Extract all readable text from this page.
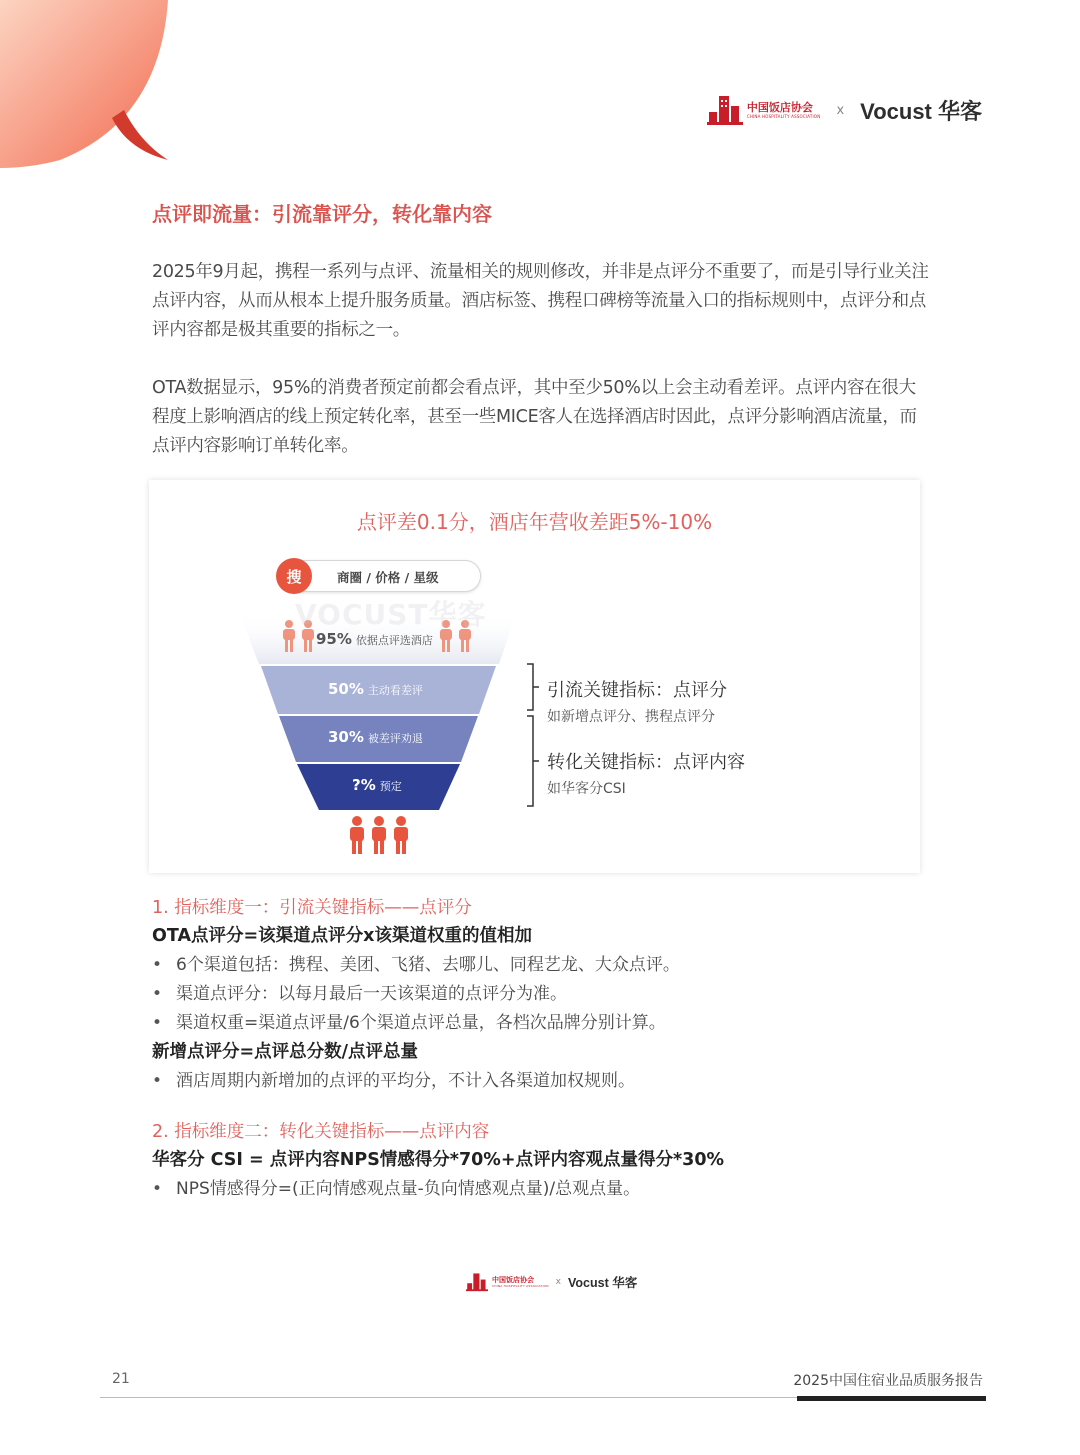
中国饭店协会
CHINA HOSPITALITY ASSOCIATION x Vocust 华客
点评即流量：引流靠评分，转化靠内容

2025年9月起，携程一系列与点评、流量相关的规则修改，并非是点评分不重要了，而是引导行业关注点评内容，从而从根本上提升服务质量。酒店标签、携程口碑榜等流量入口的指标规则中，点评分和点评内容都是极其重要的指标之一。

OTA数据显示，95%的消费者预定前都会看点评，其中至少50%以上会主动看差评。点评内容在很大程度上影响酒店的线上预定转化率，甚至一些MICE客人在选择酒店时因此，点评分影响酒店流量，而点评内容影响订单转化率。

点评差0.1分，酒店年营收差距5%-10%
VOCUST华客
搜	商圈 / 价格 / 星级
95% 依据点评选酒店
50% 主动看差评
30% 被差评劝退
?% 预定
引流关键指标：点评分
如新增点评分、携程点评分
转化关键指标：点评内容
如华客分CSI
1. 指标维度一：引流关键指标——点评分
OTA点评分=该渠道点评分x该渠道权重的值相加
• 6个渠道包括：携程、美团、飞猪、去哪儿、同程艺龙、大众点评。
• 渠道点评分：以每月最后一天该渠道的点评分为准。
• 渠道权重=渠道点评量/6个渠道点评总量，各档次品牌分别计算。
新增点评分=点评总分数/点评总量
• 酒店周期内新增加的点评的平均分，不计入各渠道加权规则。
2. 指标维度二：转化关键指标——点评内容
华客分 CSI = 点评内容NPS情感得分*70%+点评内容观点量得分*30%
• NPS情感得分=(正向情感观点量-负向情感观点量)/总观点量。
中国饭店协会
CHINA HOSPITALITY ASSOCIATION x Vocust 华客
21	2025中国住宿业品质服务报告
